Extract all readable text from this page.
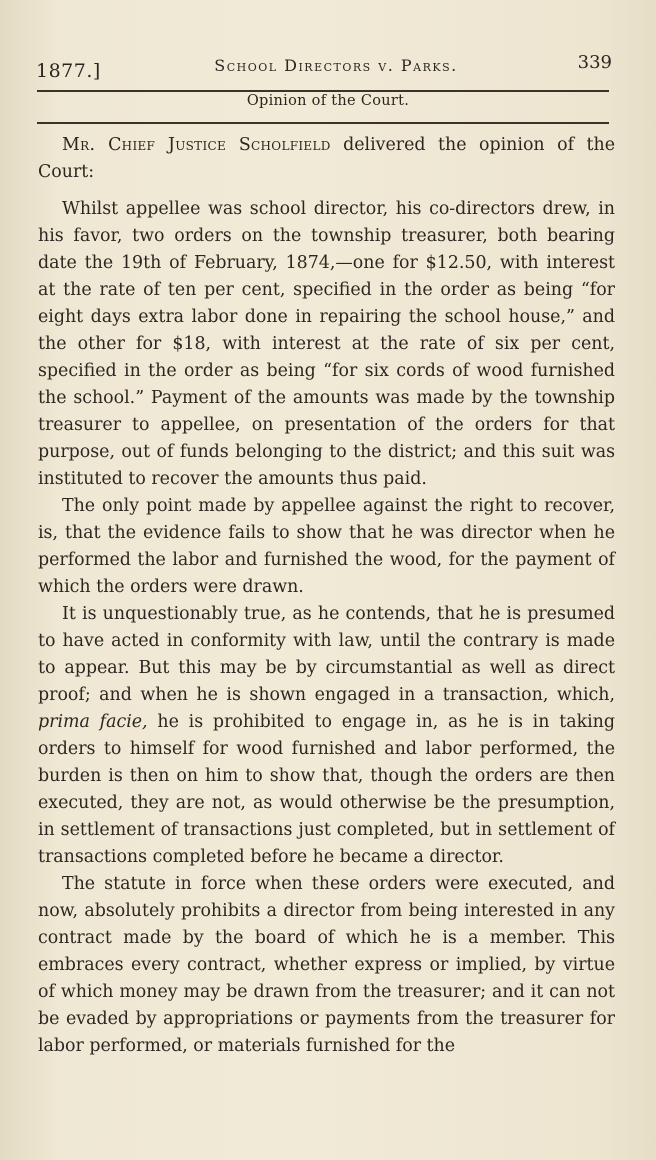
1877.]	School Directors v. Parks.	339
Opinion of the Court.

Mr. Chief Justice Scholfield delivered the opinion of the Court:

Whilst appellee was school director, his co-directors drew, in his favor, two orders on the township treasurer, both bearing date the 19th of February, 1874,—one for $12.50, with interest at the rate of ten per cent, specified in the order as being “for eight days extra labor done in repairing the school house,” and the other for $18, with interest at the rate of six per cent, specified in the order as being “for six cords of wood furnished the school.” Payment of the amounts was made by the township treasurer to appellee, on presentation of the orders for that purpose, out of funds belonging to the district; and this suit was instituted to recover the amounts thus paid.

The only point made by appellee against the right to recover, is, that the evidence fails to show that he was director when he performed the labor and furnished the wood, for the payment of which the orders were drawn.

It is unquestionably true, as he contends, that he is presumed to have acted in conformity with law, until the contrary is made to appear. But this may be by circumstantial as well as direct proof; and when he is shown engaged in a transaction, which, prima facie, he is prohibited to engage in, as he is in taking orders to himself for wood furnished and labor performed, the burden is then on him to show that, though the orders are then executed, they are not, as would otherwise be the presumption, in settlement of transactions just completed, but in settlement of transactions completed before he became a director.

The statute in force when these orders were executed, and now, absolutely prohibits a director from being interested in any contract made by the board of which he is a member. This embraces every contract, whether express or implied, by virtue of which money may be drawn from the treasurer; and it can not be evaded by appropriations or payments from the treasurer for labor performed, or materials furnished for the
